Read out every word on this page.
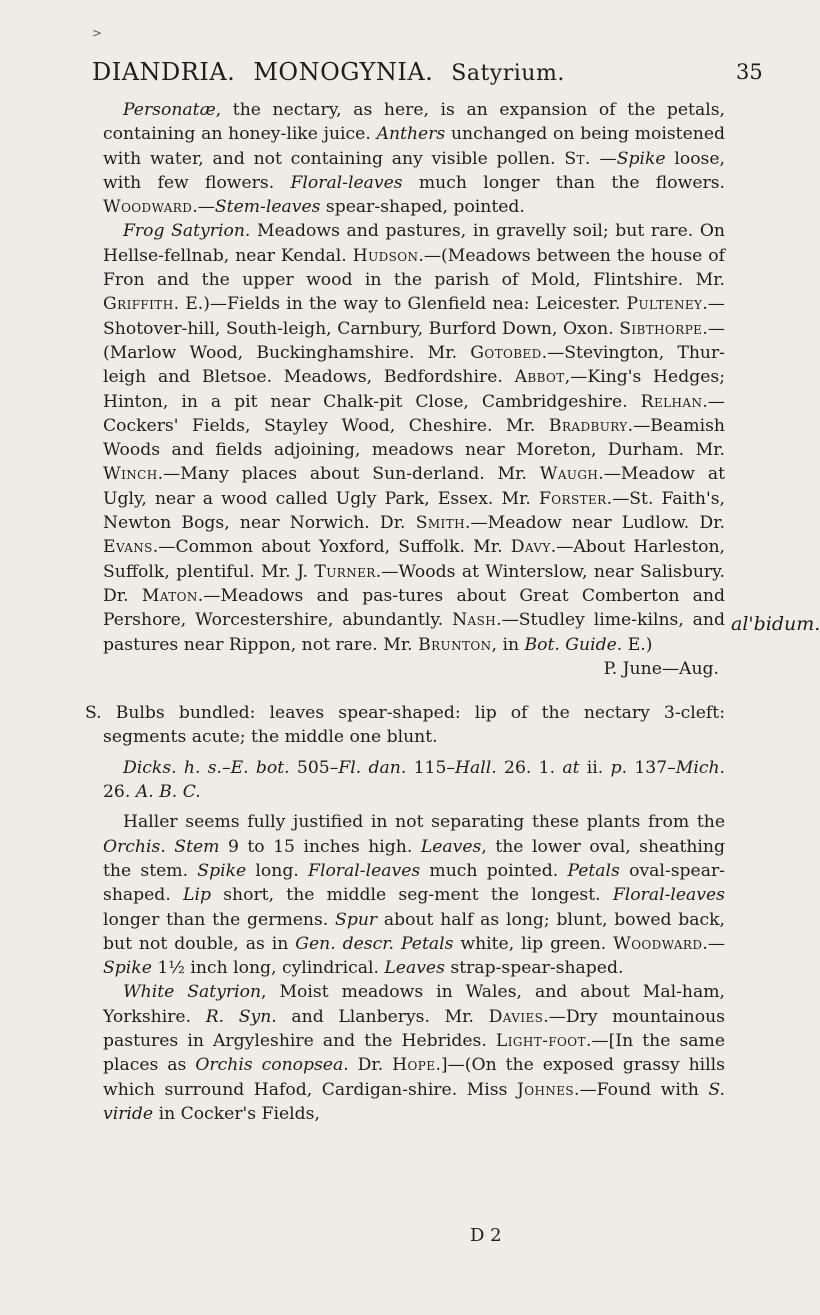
>
DIANDRIA. MONOGYNIA. Satyrium.	35

Personatæ, the nectary, as here, is an expansion of the petals, containing an honey-like juice. Anthers unchanged on being moistened with water, and not containing any visible pollen. St. —Spike loose, with few flowers. Floral-leaves much longer than the flowers. Woodward.—Stem-leaves spear-shaped, pointed.

Frog Satyrion. Meadows and pastures, in gravelly soil; but rare. On Hellse-fellnab, near Kendal. Hudson.—(Meadows between the house of Fron and the upper wood in the parish of Mold, Flintshire. Mr. Griffith. E.)—Fields in the way to Glenfield nea: Leicester. Pulteney.—Shotover-hill, South-leigh, Carnbury, Burford Down, Oxon. Sibthorpe.—(Marlow Wood, Buckinghamshire. Mr. Gotobed.—Stevington, Thur-leigh and Bletsoe. Meadows, Bedfordshire. Abbot,—King's Hedges; Hinton, in a pit near Chalk-pit Close, Cambridgeshire. Relhan.—Cockers' Fields, Stayley Wood, Cheshire. Mr. Bradbury.—Beamish Woods and fields adjoining, meadows near Moreton, Durham. Mr. Winch.—Many places about Sun-derland. Mr. Waugh.—Meadow at Ugly, near a wood called Ugly Park, Essex. Mr. Forster.—St. Faith's, Newton Bogs, near Norwich. Dr. Smith.—Meadow near Ludlow. Dr. Evans.—Common about Yoxford, Suffolk. Mr. Davy.—About Harleston, Suffolk, plentiful. Mr. J. Turner.—Woods at Winterslow, near Salisbury. Dr. Maton.—Meadows and pas-tures about Great Comberton and Pershore, Worcestershire, abundantly. Nash.—Studley lime-kilns, and pastures near Rippon, not rare. Mr. Brunton, in Bot. Guide. E.)

P. June—Aug.

S. Bulbs bundled: leaves spear-shaped: lip of the nectary 3-cleft: segments acute; the middle one blunt.

Dicks. h. s.–E. bot. 505–Fl. dan. 115–Hall. 26. 1. at ii. p. 137–Mich. 26. A. B. C.

Haller seems fully justified in not separating these plants from the Orchis. Stem 9 to 15 inches high. Leaves, the lower oval, sheathing the stem. Spike long. Floral-leaves much pointed. Petals oval-spear-shaped. Lip short, the middle seg-ment the longest. Floral-leaves longer than the germens. Spur about half as long; blunt, bowed back, but not double, as in Gen. descr. Petals white, lip green. Woodward.—Spike 1½ inch long, cylindrical. Leaves strap-spear-shaped.

White Satyrion, Moist meadows in Wales, and about Mal-ham, Yorkshire. R. Syn. and Llanberys. Mr. Davies.—Dry mountainous pastures in Argyleshire and the Hebrides. Light-foot.—[In the same places as Orchis conopsea. Dr. Hope.]—(On the exposed grassy hills which surround Hafod, Cardigan-shire. Miss Johnes.—Found with S. viride in Cocker's Fields,

al'bidum.
D 2
